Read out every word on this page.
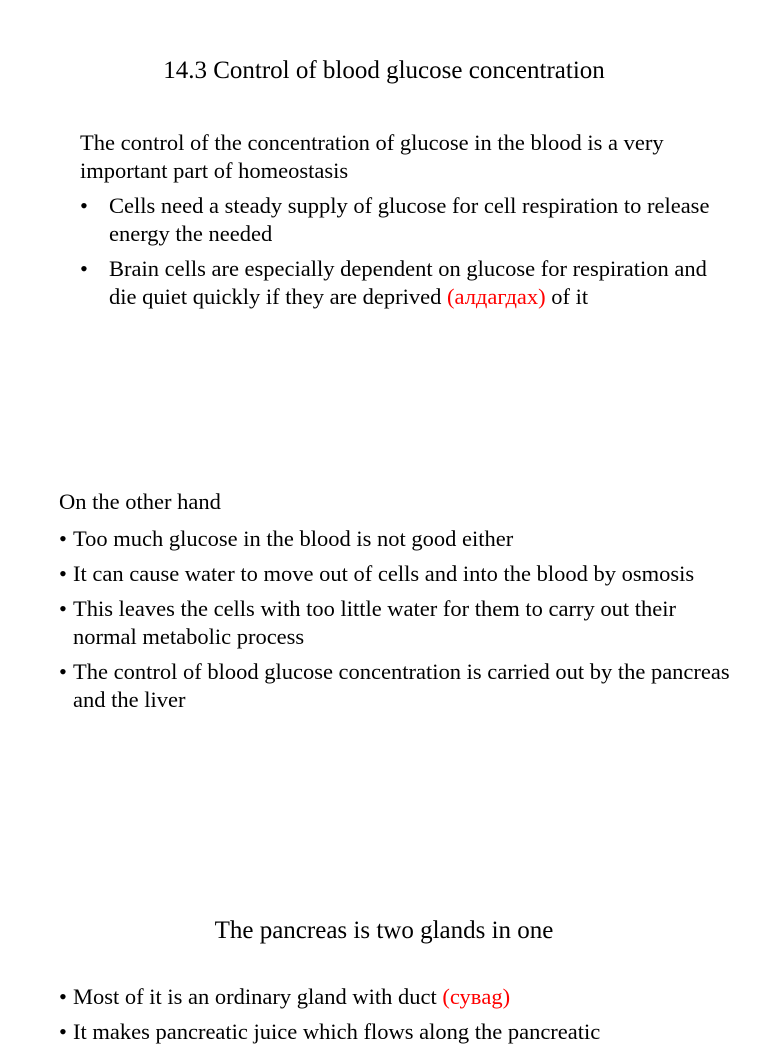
14.3 Control of blood glucose concentration

The control of the concentration of glucose in the blood is a very important part of homeostasis

• Cells need a steady supply of glucose for cell respiration to release energy the needed
• Brain cells are especially dependent on glucose for respiration and die quiet quickly if they are deprived (алдагдах) of it

On the other hand

• Too much glucose in the blood is not good either
• It can cause water to move out of cells and into the blood by osmosis
• This leaves the cells with too little water for them to carry out their normal metabolic process
• The control of blood glucose concentration is carried out by the pancreas and the liver
The pancreas is two glands in one
• Most of it is an ordinary gland with duct (сувag)
• It makes pancreatic juice which flows along the pancreatic
